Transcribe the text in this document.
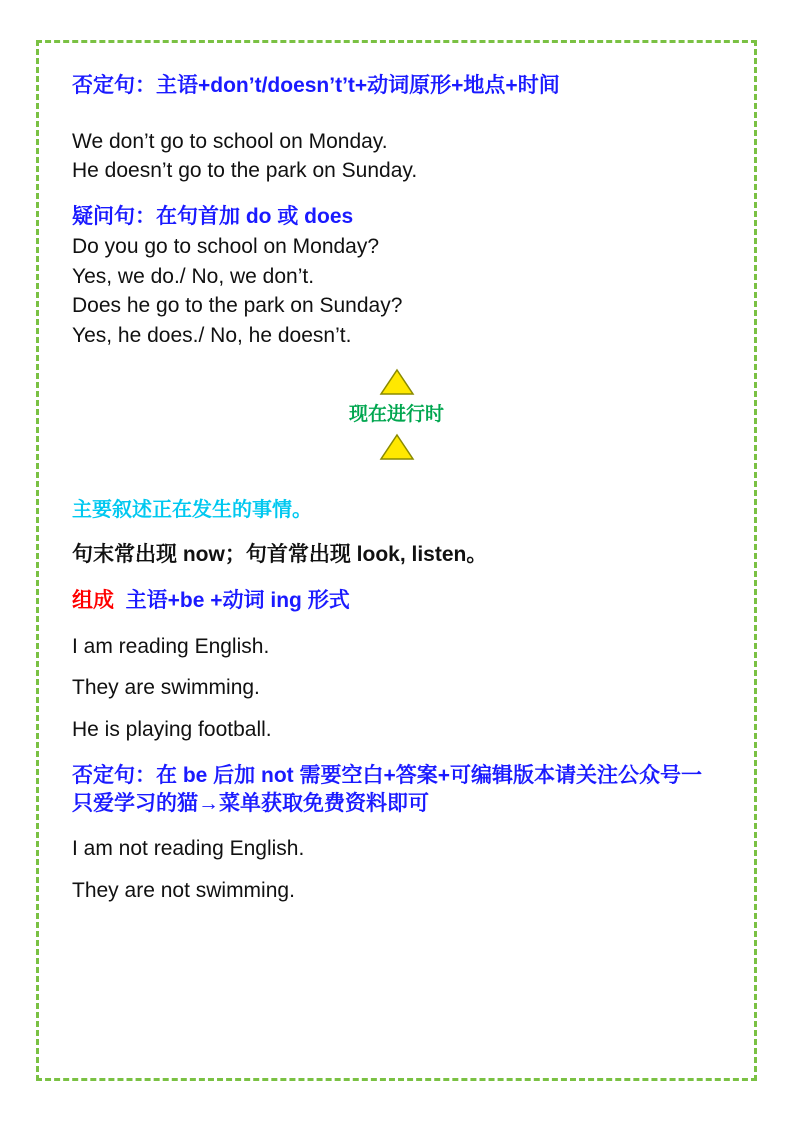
否定句：主语+don’t/doesn’t’t+动词原形+地点+时间

We don’t go to school on Monday.

He doesn’t go to the park on Sunday.

疑问句：在句首加 do 或 does

Do you go to school on Monday?

Yes, we do./ No, we don’t.

Does he go to the park on Sunday?

Yes, he does./ No, he doesn’t.

现在进行时

主要叙述正在发生的事情。

句末常出现 now；句首常出现 look, listen。

组成  主语+be +动词 ing 形式

I am reading English.

They are swimming.

He is playing football.

否定句：在 be 后加 not 需要空白+答案+可编辑版本请关注公众号一只爱学习的猫→菜单获取免费资料即可

I am not reading English.

They are not swimming.
